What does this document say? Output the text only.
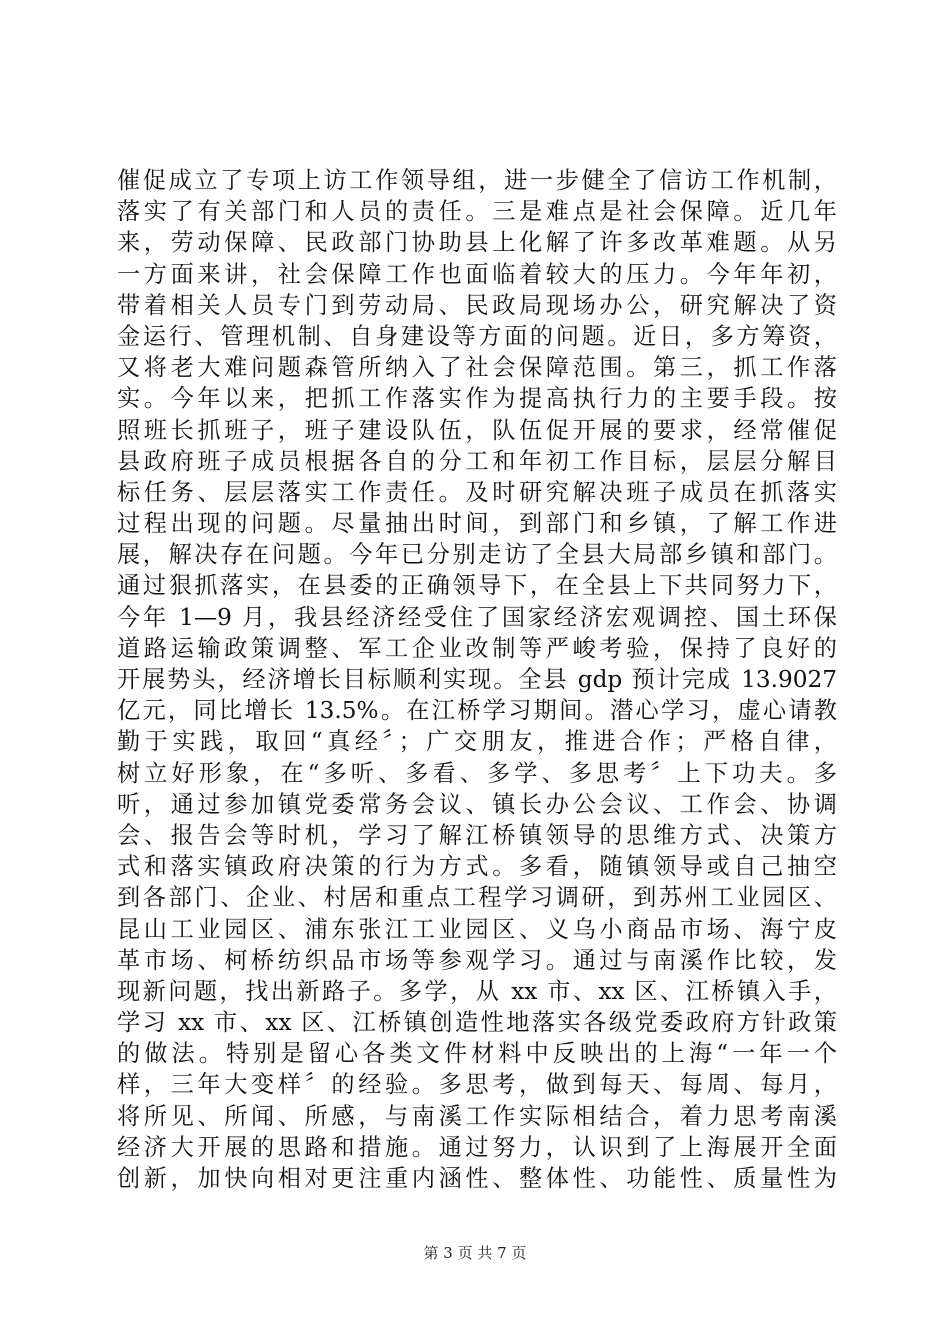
催促成立了专项上访工作领导组，进一步健全了信访工作机制，
落实了有关部门和人员的责任。三是难点是社会保障。近几年
来，劳动保障、民政部门协助县上化解了许多改革难题。从另
一方面来讲，社会保障工作也面临着较大的压力。今年年初，
带着相关人员专门到劳动局、民政局现场办公，研究解决了资
金运行、管理机制、自身建设等方面的问题。近日，多方筹资，
又将老大难问题森管所纳入了社会保障范围。第三，抓工作落
实。今年以来，把抓工作落实作为提高执行力的主要手段。按
照班长抓班子，班子建设队伍，队伍促开展的要求，经常催促
县政府班子成员根据各自的分工和年初工作目标，层层分解目
标任务、层层落实工作责任。及时研究解决班子成员在抓落实
过程出现的问题。尽量抽出时间，到部门和乡镇，了解工作进
展，解决存在问题。今年已分别走访了全县大局部乡镇和部门。
通过狠抓落实，在县委的正确领导下，在全县上下共同努力下，
今年 1—9 月，我县经济经受住了国家经济宏观调控、国土环保
道路运输政策调整、军工企业改制等严峻考验，保持了良好的
开展势头，经济增长目标顺利实现。全县 gdp 预计完成 13.9027
亿元，同比增长 13.5%。在江桥学习期间。潜心学习，虚心请教
勤于实践，取回“真经〞；广交朋友，推进合作；严格自律，
树立好形象，在“多听、多看、多学、多思考〞上下功夫。多
听，通过参加镇党委常务会议、镇长办公会议、工作会、协调
会、报告会等时机，学习了解江桥镇领导的思维方式、决策方
式和落实镇政府决策的行为方式。多看，随镇领导或自己抽空
到各部门、企业、村居和重点工程学习调研，到苏州工业园区、
昆山工业园区、浦东张江工业园区、义乌小商品市场、海宁皮
革市场、柯桥纺织品市场等参观学习。通过与南溪作比较，发
现新问题，找出新路子。多学，从 xx 市、xx 区、江桥镇入手，
学习 xx 市、xx 区、江桥镇创造性地落实各级党委政府方针政策
的做法。特别是留心各类文件材料中反映出的上海“一年一个
样，三年大变样〞的经验。多思考，做到每天、每周、每月，
将所见、所闻、所感，与南溪工作实际相结合，着力思考南溪
经济大开展的思路和措施。通过努力，认识到了上海展开全面
创新，加快向相对更注重内涵性、整体性、功能性、质量性为
第 3 页 共 7 页
